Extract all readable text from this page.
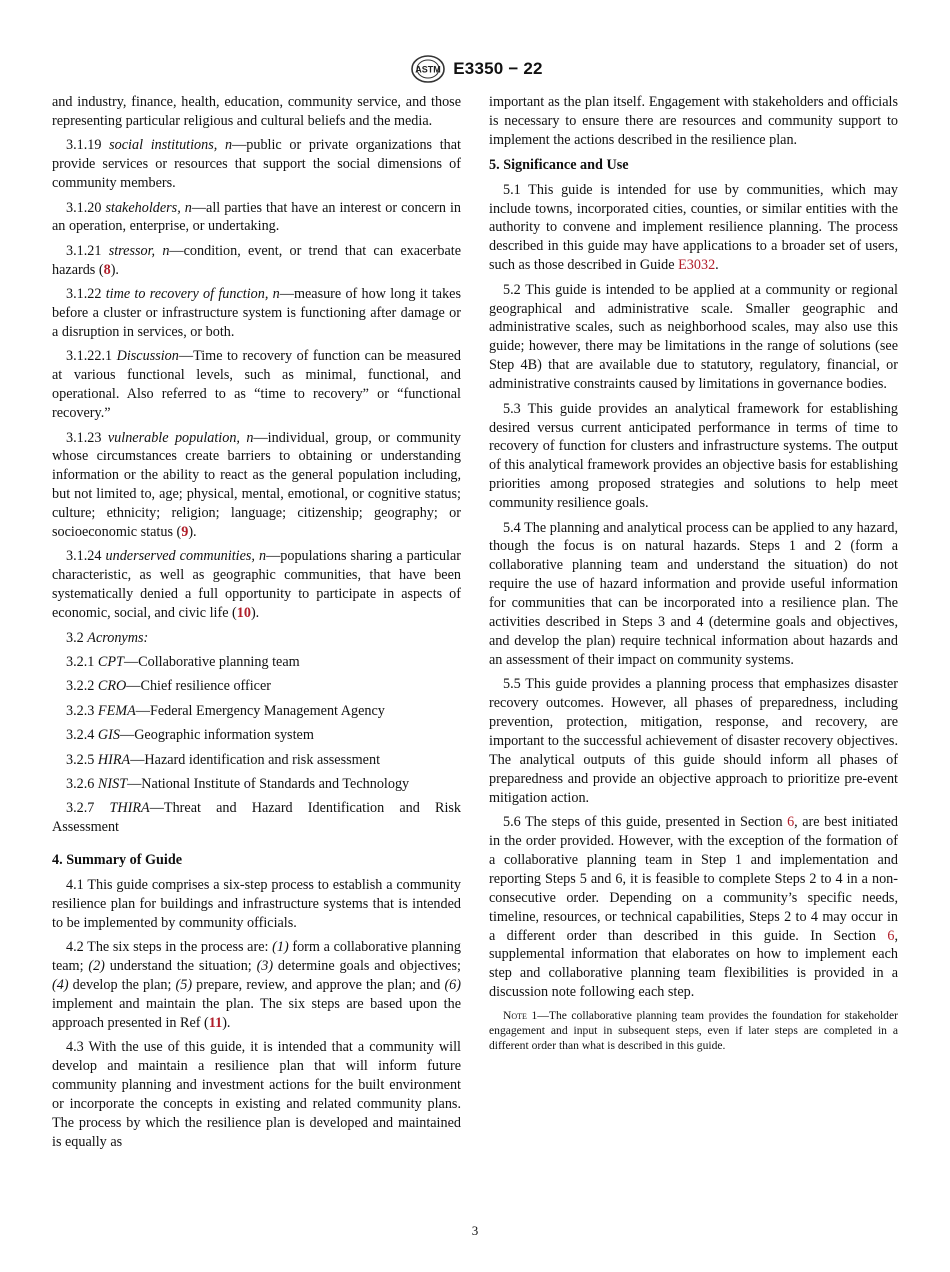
ASTM E3350 − 22

and industry, finance, health, education, community service, and those representing particular religious and cultural beliefs and the media.

3.1.19 social institutions, n—public or private organizations that provide services or resources that support the social dimensions of community members.

3.1.20 stakeholders, n—all parties that have an interest or concern in an operation, enterprise, or undertaking.

3.1.21 stressor, n—condition, event, or trend that can exacerbate hazards (8).

3.1.22 time to recovery of function, n—measure of how long it takes before a cluster or infrastructure system is functioning after damage or a disruption in services, or both.

3.1.22.1 Discussion—Time to recovery of function can be measured at various functional levels, such as minimal, functional, and operational. Also referred to as “time to recovery” or “functional recovery.”

3.1.23 vulnerable population, n—individual, group, or community whose circumstances create barriers to obtaining or understanding information or the ability to react as the general population including, but not limited to, age; physical, mental, emotional, or cognitive status; culture; ethnicity; religion; language; citizenship; geography; or socioeconomic status (9).

3.1.24 underserved communities, n—populations sharing a particular characteristic, as well as geographic communities, that have been systematically denied a full opportunity to participate in aspects of economic, social, and civic life (10).

3.2 Acronyms:

3.2.1 CPT—Collaborative planning team

3.2.2 CRO—Chief resilience officer

3.2.3 FEMA—Federal Emergency Management Agency

3.2.4 GIS—Geographic information system

3.2.5 HIRA—Hazard identification and risk assessment

3.2.6 NIST—National Institute of Standards and Technology

3.2.7 THIRA—Threat and Hazard Identification and Risk Assessment

4. Summary of Guide

4.1 This guide comprises a six-step process to establish a community resilience plan for buildings and infrastructure systems that is intended to be implemented by community officials.

4.2 The six steps in the process are: (1) form a collaborative planning team; (2) understand the situation; (3) determine goals and objectives; (4) develop the plan; (5) prepare, review, and approve the plan; and (6) implement and maintain the plan. The six steps are based upon the approach presented in Ref (11).

4.3 With the use of this guide, it is intended that a community will develop and maintain a resilience plan that will inform future community planning and investment actions for the built environment or incorporate the concepts in existing and related community plans. The process by which the resilience plan is developed and maintained is equally as

important as the plan itself. Engagement with stakeholders and officials is necessary to ensure there are resources and community support to implement the actions described in the resilience plan.

5. Significance and Use

5.1 This guide is intended for use by communities, which may include towns, incorporated cities, counties, or similar entities with the authority to convene and implement resilience planning. The process described in this guide may have applications to a broader set of users, such as those described in Guide E3032.

5.2 This guide is intended to be applied at a community or regional geographical and administrative scale. Smaller geographic and administrative scales, such as neighborhood scales, may also use this guide; however, there may be limitations in the range of solutions (see Step 4B) that are available due to statutory, regulatory, financial, or administrative constraints caused by limitations in governance bodies.

5.3 This guide provides an analytical framework for establishing desired versus current anticipated performance in terms of time to recovery of function for clusters and infrastructure systems. The output of this analytical framework provides an objective basis for establishing priorities among proposed strategies and solutions to help meet community resilience goals.

5.4 The planning and analytical process can be applied to any hazard, though the focus is on natural hazards. Steps 1 and 2 (form a collaborative planning team and understand the situation) do not require the use of hazard information and provide useful information for communities that can be incorporated into a resilience plan. The activities described in Steps 3 and 4 (determine goals and objectives, and develop the plan) require technical information about hazards and an assessment of their impact on community systems.

5.5 This guide provides a planning process that emphasizes disaster recovery outcomes. However, all phases of preparedness, including prevention, protection, mitigation, response, and recovery, are important to the successful achievement of disaster recovery objectives. The analytical outputs of this guide should inform all phases of preparedness and provide an objective approach to prioritize pre-event mitigation action.

5.6 The steps of this guide, presented in Section 6, are best initiated in the order provided. However, with the exception of the formation of a collaborative planning team in Step 1 and implementation and reporting Steps 5 and 6, it is feasible to complete Steps 2 to 4 in a non-consecutive order. Depending on a community’s specific needs, timeline, resources, or technical capabilities, Steps 2 to 4 may occur in a different order than described in this guide. In Section 6, supplemental information that elaborates on how to implement each step and collaborative planning team flexibilities is provided in a discussion note following each step.

Note 1—The collaborative planning team provides the foundation for stakeholder engagement and input in subsequent steps, even if later steps are completed in a different order than what is described in this guide.
3
